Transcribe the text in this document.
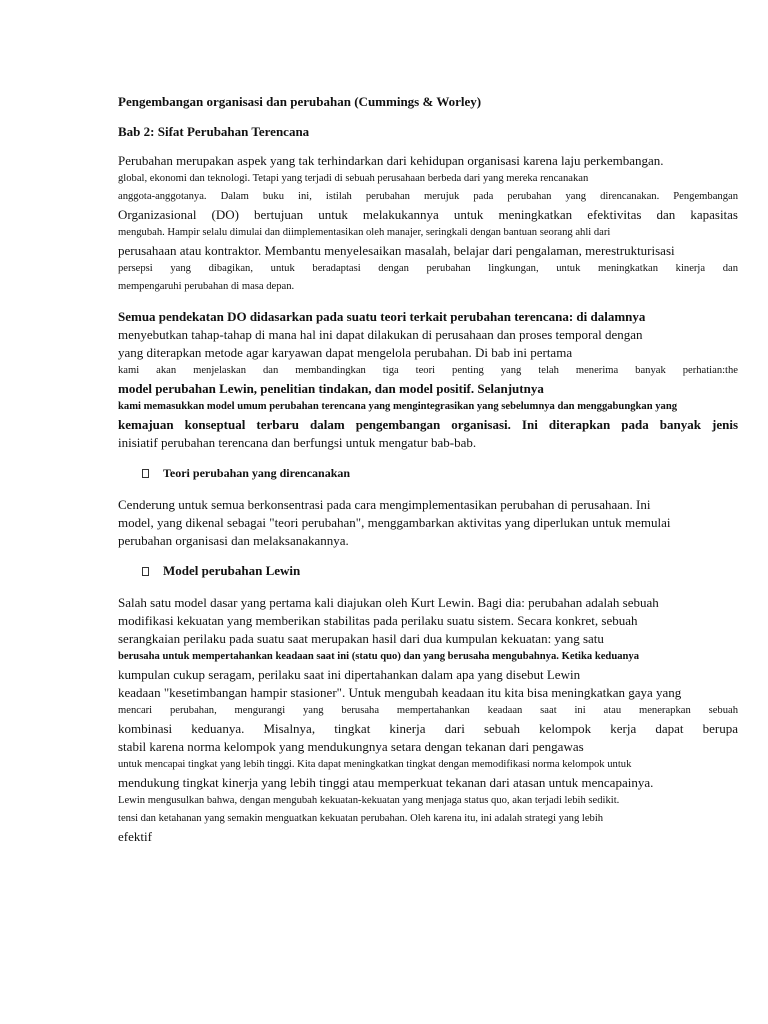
Pengembangan organisasi dan perubahan (Cummings & Worley)
Bab 2: Sifat Perubahan Terencana
Perubahan merupakan aspek yang tak terhindarkan dari kehidupan organisasi karena laju perkembangan.
global, ekonomi dan teknologi. Tetapi yang terjadi di sebuah perusahaan berbeda dari yang mereka rencanakan
anggota-anggotanya. Dalam buku ini, istilah perubahan merujuk pada perubahan yang direncanakan. Pengembangan
Organizasional (DO) bertujuan untuk melakukannya untuk meningkatkan efektivitas dan kapasitas
mengubah. Hampir selalu dimulai dan diimplementasikan oleh manajer, seringkali dengan bantuan seorang ahli dari
perusahaan atau kontraktor. Membantu menyelesaikan masalah, belajar dari pengalaman, merestrukturisasi
persepsi yang dibagikan, untuk beradaptasi dengan perubahan lingkungan, untuk meningkatkan kinerja dan
mempengaruhi perubahan di masa depan.
Semua pendekatan DO didasarkan pada suatu teori terkait perubahan terencana: di dalamnya
menyebutkan tahap-tahap di mana hal ini dapat dilakukan di perusahaan dan proses temporal dengan
yang diterapkan metode agar karyawan dapat mengelola perubahan. Di bab ini pertama
kami akan menjelaskan dan membandingkan tiga teori penting yang telah menerima banyak perhatian:the
model perubahan Lewin, penelitian tindakan, dan model positif. Selanjutnya
kami memasukkan model umum perubahan terencana yang mengintegrasikan yang sebelumnya dan menggabungkan yang
kemajuan konseptual terbaru dalam pengembangan organisasi. Ini diterapkan pada banyak jenis
inisiatif perubahan terencana dan berfungsi untuk mengatur bab-bab.
Teori perubahan yang direncanakan
Cenderung untuk semua berkonsentrasi pada cara mengimplementasikan perubahan di perusahaan. Ini
model, yang dikenal sebagai "teori perubahan", menggambarkan aktivitas yang diperlukan untuk memulai
perubahan organisasi dan melaksanakannya.
Model perubahan Lewin
Salah satu model dasar yang pertama kali diajukan oleh Kurt Lewin. Bagi dia: perubahan adalah sebuah
modifikasi kekuatan yang memberikan stabilitas pada perilaku suatu sistem. Secara konkret, sebuah
serangkaian perilaku pada suatu saat merupakan hasil dari dua kumpulan kekuatan: yang satu
berusaha untuk mempertahankan keadaan saat ini (statu quo) dan yang berusaha mengubahnya. Ketika keduanya
kumpulan cukup seragam, perilaku saat ini dipertahankan dalam apa yang disebut Lewin
keadaan "kesetimbangan hampir stasioner". Untuk mengubah keadaan itu kita bisa meningkatkan gaya yang
mencari perubahan, mengurangi yang berusaha mempertahankan keadaan saat ini atau menerapkan sebuah
kombinasi keduanya. Misalnya, tingkat kinerja dari sebuah kelompok kerja dapat berupa
stabil karena norma kelompok yang mendukungnya setara dengan tekanan dari pengawas
untuk mencapai tingkat yang lebih tinggi. Kita dapat meningkatkan tingkat dengan memodifikasi norma kelompok untuk
mendukung tingkat kinerja yang lebih tinggi atau memperkuat tekanan dari atasan untuk mencapainya.
Lewin mengusulkan bahwa, dengan mengubah kekuatan-kekuatan yang menjaga status quo, akan terjadi lebih sedikit.
tensi dan ketahanan yang semakin menguatkan kekuatan perubahan. Oleh karena itu, ini adalah strategi yang lebih
efektif
